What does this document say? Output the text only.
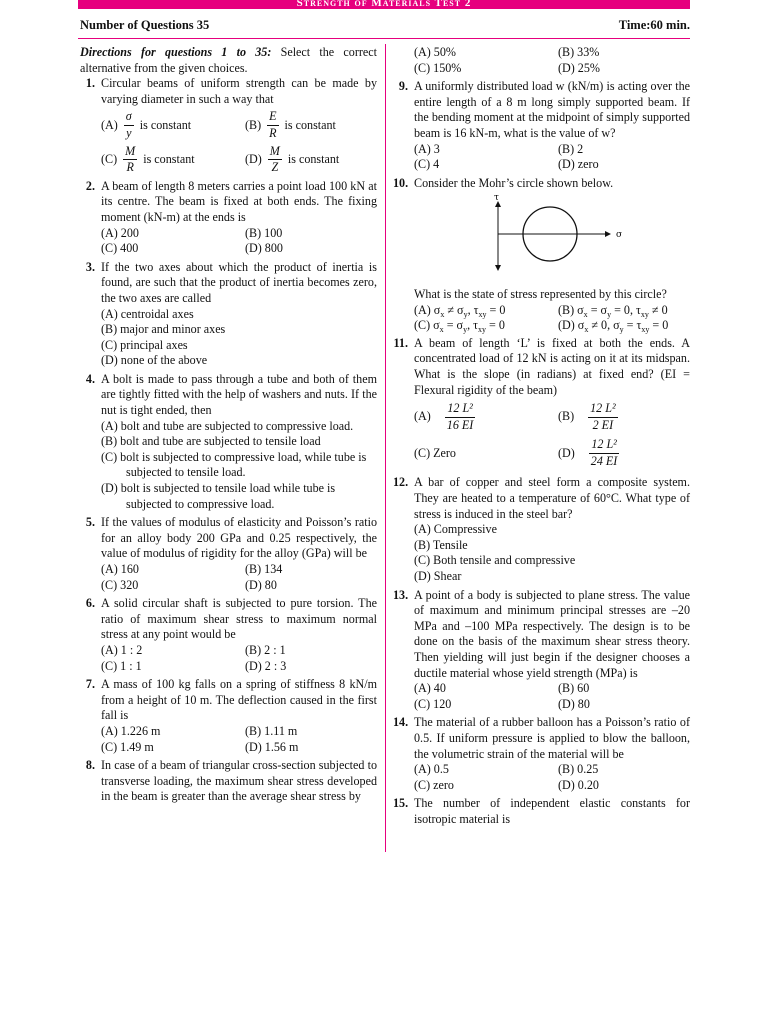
Strength of Materials Test 2
Number of Questions 35	Time:60 min.

Directions for questions 1 to 35: Select the correct alternative from the given choices.

1. Circular beams of uniform strength can be made by varying diameter in such a way that

$(A) \frac{\sigma}{y}$ is constant	$(B) \frac{E}{R}$ is constant
$(C) \frac{M}{R}$ is constant	$(D) \frac{M}{Z}$ is constant

2. A beam of length 8 meters carries a point load 100 kN at its centre. The beam is fixed at both ends. The fixing moment (kN-m) at the ends is

(A) 200	(B) 100
(C) 400	(D) 800

3. If the two axes about which the product of inertia is found, are such that the product of inertia becomes zero, the two axes are called

(A) centroidal axes
(B) major and minor axes
(C) principal axes
(D) none of the above

4. A bolt is made to pass through a tube and both of them are tightly fitted with the help of washers and nuts. If the nut is tight ended, then

(A) bolt and tube are subjected to compressive load.
(B) bolt and tube are subjected to tensile load
(C) bolt is subjected to compressive load, while tube is subjected to tensile load.
(D) bolt is subjected to tensile load while tube is subjected to compressive load.

5. If the values of modulus of elasticity and Poisson’s ratio for an alloy body 200 GPa and 0.25 respectively, the value of modulus of rigidity for the alloy (GPa) will be

(A) 160	(B) 134
(C) 320	(D) 80

6. A solid circular shaft is subjected to pure torsion. The ratio of maximum shear stress to maximum normal stress at any point would be

(A) 1 : 2	(B) 2 : 1
(C) 1 : 1	(D) 2 : 3

7. A mass of 100 kg falls on a spring of stiffness 8 kN/m from a height of 10 m. The deflection caused in the first fall is

(A) 1.226 m	(B) 1.11 m
(C) 1.49 m	(D) 1.56 m

8. In case of a beam of triangular cross-section subjected to transverse loading, the maximum shear stress developed in the beam is greater than the average shear stress by

(A) 50%	(B) 33%
(C) 150%	(D) 25%

9. A uniformly distributed load w (kN/m) is acting over the entire length of a 8 m long simply supported beam. If the bending moment at the midpoint of simply supported beam is 16 kN-m, what is the value of w?

(A) 3	(B) 2
(C) 4	(D) zero

10. Consider the Mohr’s circle shown below.

τ
σ

What is the state of stress represented by this circle?

(A) $\sigma_x \ne \sigma_y$, $\tau_{xy} = 0$	(B) $\sigma_x = \sigma_y = 0$, $\tau_{xy} \ne 0$
(C) $\sigma_x = \sigma_y$, $\tau_{xy} = 0$	(D) $\sigma_x \ne 0$, $\sigma_y = \tau_{xy} = 0$

11. A beam of length ‘L’ is fixed at both the ends. A concentrated load of 12 kN is acting on it at its midspan. What is the slope (in radians) at fixed end? (EI = Flexural rigidity of the beam)

$(A) \frac{\text{12 L²}}{16 EI}$	$(B) \frac{\text{12 L²}}{2 EI}$
(C) Zero	$(D) \frac{\text{12 L²}}{24 EI}$

12. A bar of copper and steel form a composite system. They are heated to a temperature of 60°C. What type of stress is induced in the steel bar?

(A) Compressive
(B) Tensile
(C) Both tensile and compressive
(D) Shear

13. A point of a body is subjected to plane stress. The value of maximum and minimum principal stresses are –20 MPa and –100 MPa respectively. The design is to be done on the basis of the maximum shear stress theory. Then yielding will just begin if the designer chooses a ductile material whose yield strength (MPa) is

(A) 40	(B) 60
(C) 120	(D) 80

14. The material of a rubber balloon has a Poisson’s ratio of 0.5. If uniform pressure is applied to blow the balloon, the volumetric strain of the material will be

(A) 0.5	(B) 0.25
(C) zero	(D) 0.20

15. The number of independent elastic constants for isotropic material is
